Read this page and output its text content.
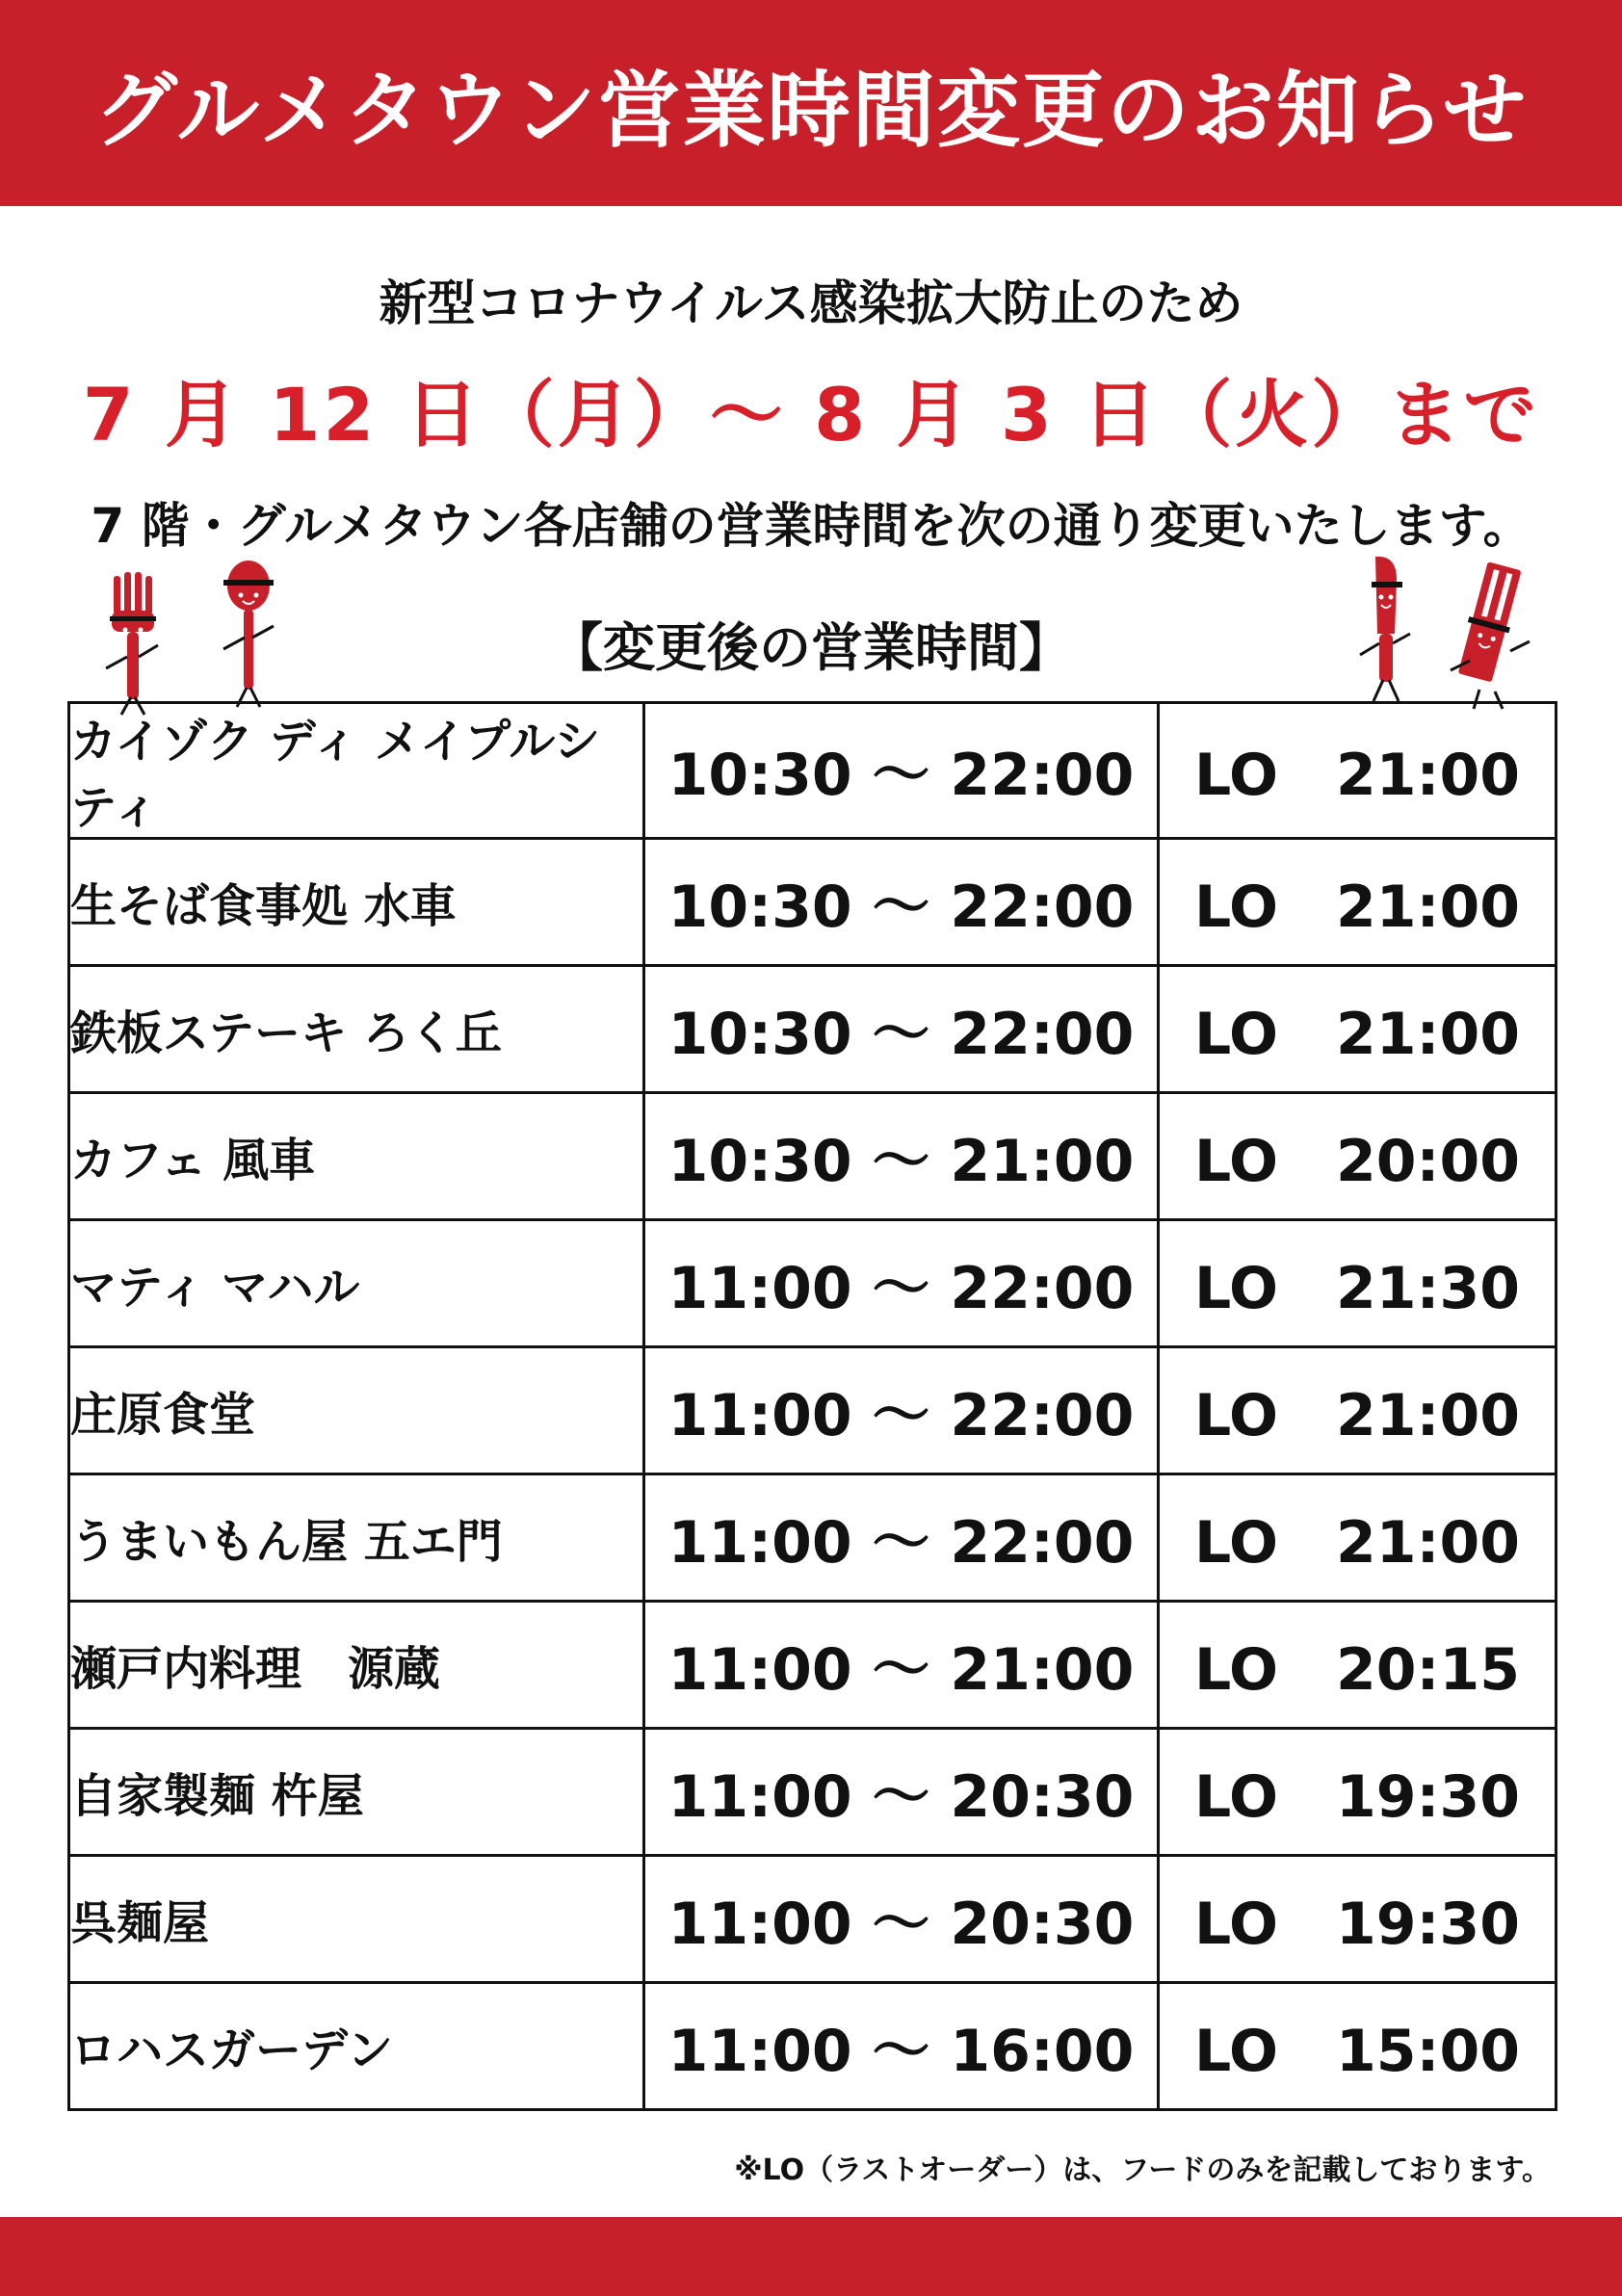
グルメタウン営業時間変更のお知らせ
新型コロナウイルス感染拡大防止のため
7 月 12 日（月）～ 8 月 3 日（火）まで
7 階・グルメタウン各店舗の営業時間を次の通り変更いたします。
【変更後の営業時間】
カイゾク ディ メイプルシティ	10:30 ～ 22:00	LO　21:00
生そば食事処 水車	10:30 ～ 22:00	LO　21:00
鉄板ステーキ ろく丘	10:30 ～ 22:00	LO　21:00
カフェ 風車	10:30 ～ 21:00	LO　20:00
マティ マハル	11:00 ～ 22:00	LO　21:30
庄原食堂	11:00 ～ 22:00	LO　21:00
うまいもん屋 五エ門	11:00 ～ 22:00	LO　21:00
瀬戸内料理　源蔵	11:00 ～ 21:00	LO　20:15
自家製麺 杵屋	11:00 ～ 20:30	LO　19:30
呉麺屋	11:00 ～ 20:30	LO　19:30
ロハスガーデン	11:00 ～ 16:00	LO　15:00
※LO（ラストオーダー）は、フードのみを記載しております。
